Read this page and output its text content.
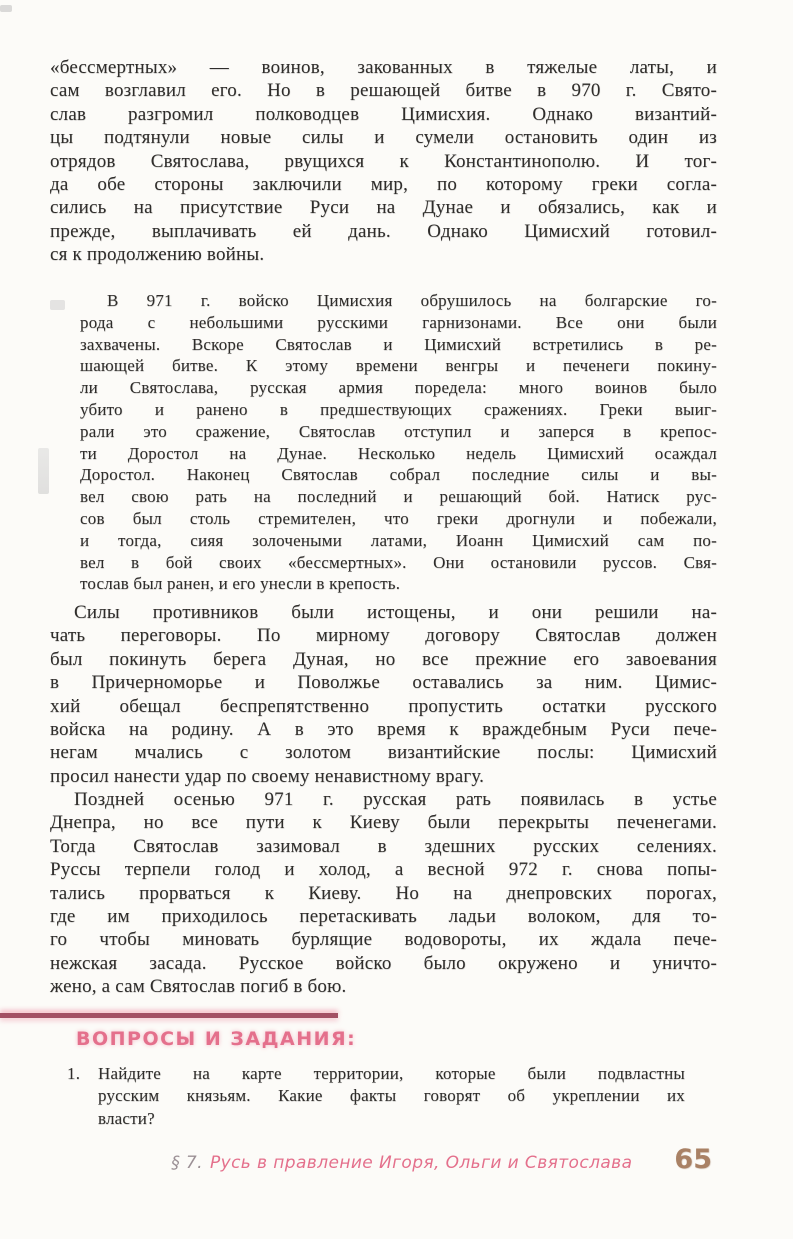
«бессмертных» — воинов, закованных в тяжелые латы, и
сам возглавил его. Но в решающей битве в 970 г. Свято-
слав разгромил полководцев Цимисхия. Однако византий-
цы подтянули новые силы и сумели остановить один из
отрядов Святослава, рвущихся к Константинополю. И тог-
да обе стороны заключили мир, по которому греки согла-
сились на присутствие Руси на Дунае и обязались, как и
прежде, выплачивать ей дань. Однако Цимисхий готовил-
ся к продолжению войны.
В 971 г. войско Цимисхия обрушилось на болгарские го-
рода с небольшими русскими гарнизонами. Все они были
захвачены. Вскоре Святослав и Цимисхий встретились в ре-
шающей битве. К этому времени венгры и печенеги покину-
ли Святослава, русская армия поредела: много воинов было
убито и ранено в предшествующих сражениях. Греки выиг-
рали это сражение, Святослав отступил и заперся в крепос-
ти Доростол на Дунае. Несколько недель Цимисхий осаждал
Доростол. Наконец Святослав собрал последние силы и вы-
вел свою рать на последний и решающий бой. Натиск рус-
сов был столь стремителен, что греки дрогнули и побежали,
и тогда, сияя золочеными латами, Иоанн Цимисхий сам по-
вел в бой своих «бессмертных». Они остановили руссов. Свя-
тослав был ранен, и его унесли в крепость.
Силы противников были истощены, и они решили на-
чать переговоры. По мирному договору Святослав должен
был покинуть берега Дуная, но все прежние его завоевания
в Причерноморье и Поволжье оставались за ним. Цимис-
хий обещал беспрепятственно пропустить остатки русского
войска на родину. А в это время к враждебным Руси пече-
негам мчались с золотом византийские послы: Цимисхий
просил нанести удар по своему ненавистному врагу.
Поздней осенью 971 г. русская рать появилась в устье
Днепра, но все пути к Киеву были перекрыты печенегами.
Тогда Святослав зазимовал в здешних русских селениях.
Руссы терпели голод и холод, а весной 972 г. снова попы-
тались прорваться к Киеву. Но на днепровских порогах,
где им приходилось перетаскивать ладьи волоком, для то-
го чтобы миновать бурлящие водовороты, их ждала пече-
нежская засада. Русское войско было окружено и уничто-
жено, а сам Святослав погиб в бою.
ВОПРОСЫ И ЗАДАНИЯ:
1. Найдите на карте территории, которые были подвластны
русским князьям. Какие факты говорят об укреплении их
власти?
§ 7. Русь в правление Игоря, Ольги и Святослава 65
